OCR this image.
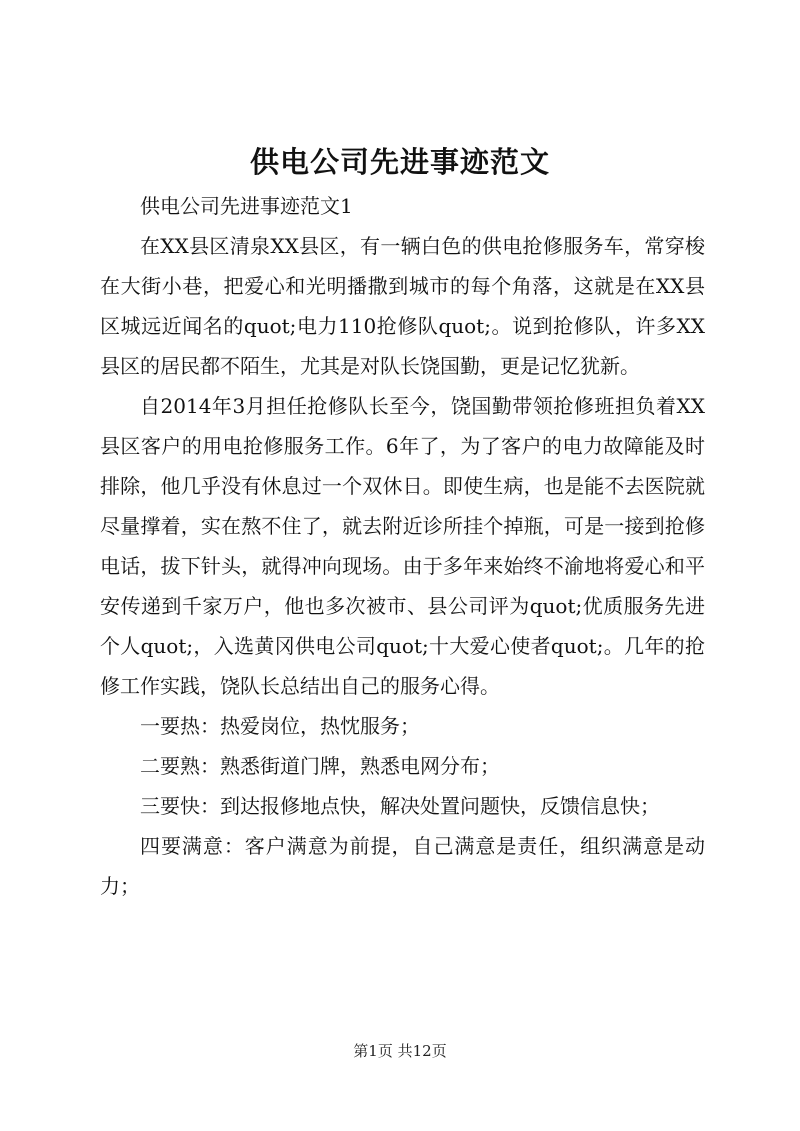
供电公司先进事迹范文

供电公司先进事迹范文1

在XX县区清泉XX县区，有一辆白色的供电抢修服务车，常穿梭在大街小巷，把爱心和光明播撒到城市的每个角落，这就是在XX县区城远近闻名的quot;电力110抢修队quot;。说到抢修队，许多XX县区的居民都不陌生，尤其是对队长饶国勤，更是记忆犹新。

自2014年3月担任抢修队长至今，饶国勤带领抢修班担负着XX县区客户的用电抢修服务工作。6年了，为了客户的电力故障能及时排除，他几乎没有休息过一个双休日。即使生病，也是能不去医院就尽量撑着，实在熬不住了，就去附近诊所挂个掉瓶，可是一接到抢修电话，拔下针头，就得冲向现场。由于多年来始终不渝地将爱心和平安传递到千家万户，他也多次被市、县公司评为quot;优质服务先进个人quot;，入选黄冈供电公司quot;十大爱心使者quot;。几年的抢修工作实践，饶队长总结出自己的服务心得。

一要热：热爱岗位，热忱服务；

二要熟：熟悉街道门牌，熟悉电网分布；

三要快：到达报修地点快，解决处置问题快，反馈信息快；

四要满意：客户满意为前提，自己满意是责任，组织满意是动力；

第1页 共12页
